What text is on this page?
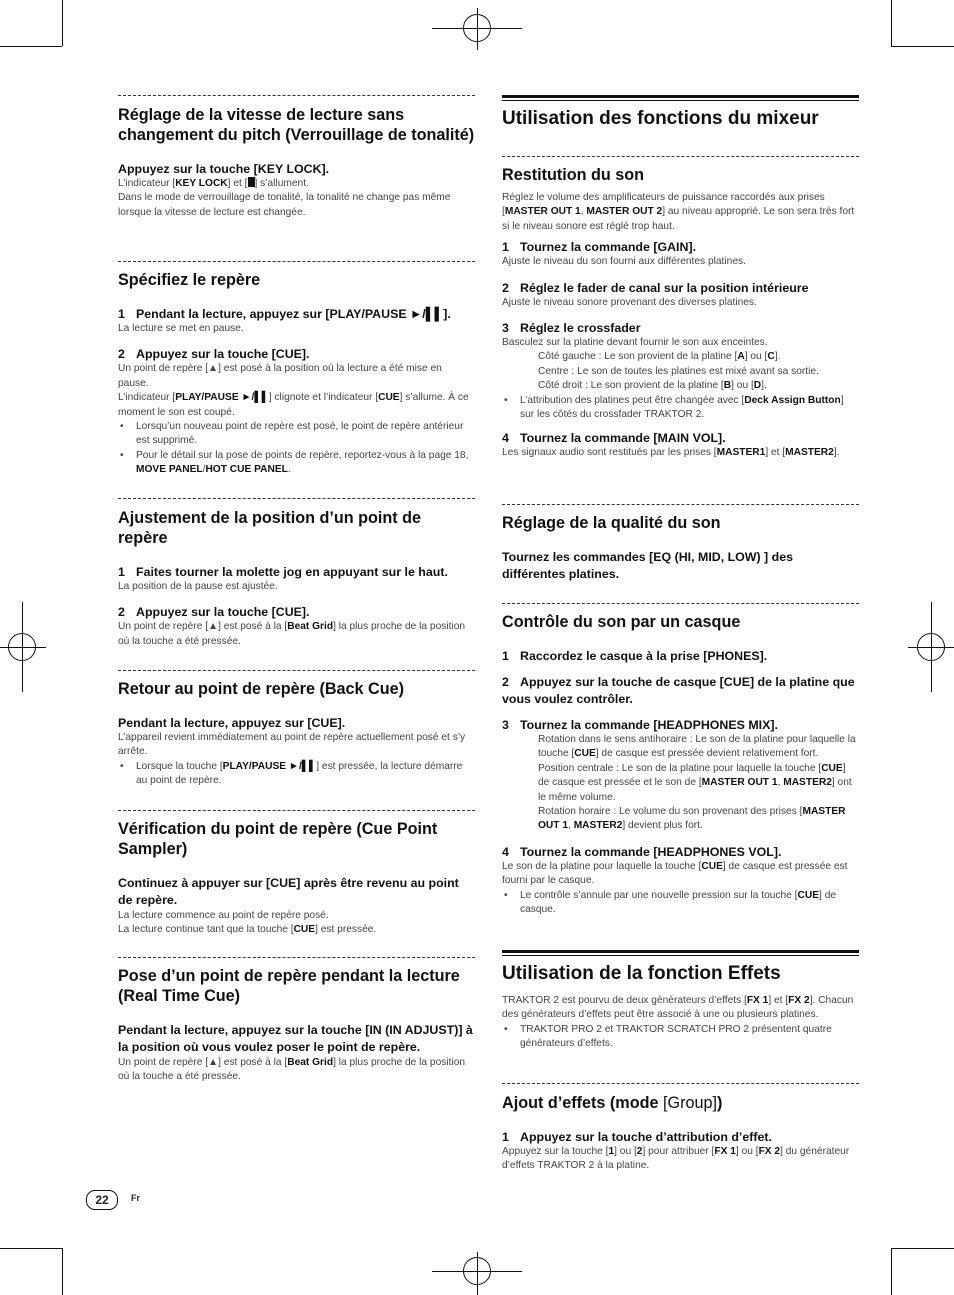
Réglage de la vitesse de lecture sans changement du pitch (Verrouillage de tonalité)

Appuyez sur la touche [KEY LOCK].

L’indicateur [KEY LOCK] et [ ] s’allument.

Dans le mode de verrouillage de tonalité, la tonalité ne change pas même lorsque la vitesse de lecture est changée.

Spécifiez le repère

1 Pendant la lecture, appuyez sur [PLAY/PAUSE ►/▌▌].

La lecture se met en pause.

2 Appuyez sur la touche [CUE].

Un point de repère [▲] est posé à la position où la lecture a été mise en pause.

L’indicateur [PLAY/PAUSE ►/▌▌] clignote et l’indicateur [CUE] s’allume. À ce moment le son est coupé.

• Lorsqu’un nouveau point de repère est posé, le point de repère antérieur est supprimé.

• Pour le détail sur la pose de points de repère, reportez-vous à la page 18, MOVE PANEL/HOT CUE PANEL.

Ajustement de la position d’un point de repère

1 Faites tourner la molette jog en appuyant sur le haut.

La position de la pause est ajustée.

2 Appuyez sur la touche [CUE].

Un point de repère [▲] est posé à la [Beat Grid] la plus proche de la position où la touche a été pressée.

Retour au point de repère (Back Cue)

Pendant la lecture, appuyez sur [CUE].

L’appareil revient immédiatement au point de repère actuellement posé et s’y arrête.

• Lorsque la touche [PLAY/PAUSE ►/▌▌] est pressée, la lecture démarre au point de repère.

Vérification du point de repère (Cue Point Sampler)

Continuez à appuyer sur [CUE] après être revenu au point de repère.

La lecture commence au point de repère posé.

La lecture continue tant que la touche [CUE] est pressée.

Pose d’un point de repère pendant la lecture (Real Time Cue)

Pendant la lecture, appuyez sur la touche [IN (IN ADJUST)] à la position où vous voulez poser le point de repère.

Un point de repère [▲] est posé à la [Beat Grid] la plus proche de la position où la touche a été pressée.

Utilisation des fonctions du mixeur

Restitution du son

Réglez le volume des amplificateurs de puissance raccordés aux prises [MASTER OUT 1, MASTER OUT 2] au niveau approprié. Le son sera très fort si le niveau sonore est réglé trop haut.

1 Tournez la commande [GAIN].

Ajuste le niveau du son fourni aux différentes platines.

2 Réglez le fader de canal sur la position intérieure

Ajuste le niveau sonore provenant des diverses platines.

3 Réglez le crossfader

Basculez sur la platine devant fournir le son aux enceintes.

Côté gauche : Le son provient de la platine [A] ou [C].

Centre : Le son de toutes les platines est mixé avant sa sortie.

Côté droit : Le son provient de la platine [B] ou [D].

• L’attribution des platines peut être changée avec [Deck Assign Button] sur les côtés du crossfader TRAKTOR 2.

4 Tournez la commande [MAIN VOL].

Les signaux audio sont restitués par les prises [MASTER1] et [MASTER2].

Réglage de la qualité du son

Tournez les commandes [EQ (HI, MID, LOW) ] des différentes platines.

Contrôle du son par un casque

1 Raccordez le casque à la prise [PHONES].

2 Appuyez sur la touche de casque [CUE] de la platine que vous voulez contrôler.

3 Tournez la commande [HEADPHONES MIX].

Rotation dans le sens antihoraire : Le son de la platine pour laquelle la touche [CUE] de casque est pressée devient relativement fort.

Position centrale : Le son de la platine pour laquelle la touche [CUE] de casque est pressée et le son de [MASTER OUT 1, MASTER2] ont le même volume.

Rotation horaire : Le volume du son provenant des prises [MASTER OUT 1, MASTER2] devient plus fort.

4 Tournez la commande [HEADPHONES VOL].

Le son de la platine pour laquelle la touche [CUE] de casque est pressée est fourni par le casque.

• Le contrôle s’annule par une nouvelle pression sur la touche [CUE] de casque.

Utilisation de la fonction Effets

TRAKTOR 2 est pourvu de deux générateurs d’effets [FX 1] et [FX 2]. Chacun des générateurs d’effets peut être associé à une ou plusieurs platines.

• TRAKTOR PRO 2 et TRAKTOR SCRATCH PRO 2 présentent quatre générateurs d’effets.

Ajout d’effets (mode [Group])

1 Appuyez sur la touche d’attribution d’effet.

Appuyez sur la touche [1] ou [2] pour attribuer [FX 1] ou [FX 2] du générateur d’effets TRAKTOR 2 à la platine.

22	Fr
